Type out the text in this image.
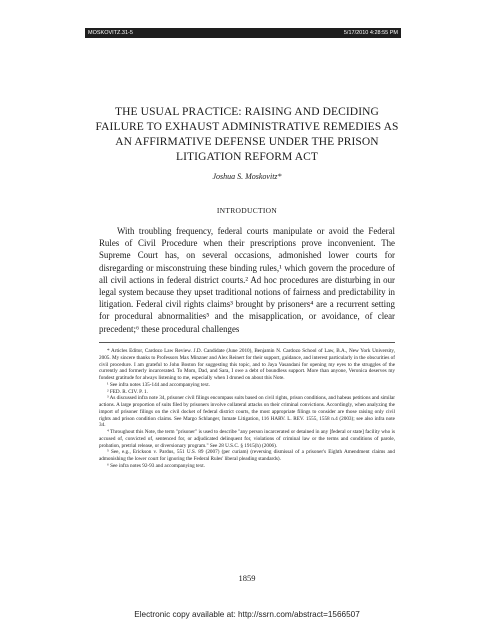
MOSKOVITZ.31-5	5/17/2010 4:28:55 PM
THE USUAL PRACTICE: RAISING AND DECIDING FAILURE TO EXHAUST ADMINISTRATIVE REMEDIES AS AN AFFIRMATIVE DEFENSE UNDER THE PRISON LITIGATION REFORM ACT
Joshua S. Moskovitz*
INTRODUCTION

With troubling frequency, federal courts manipulate or avoid the Federal Rules of Civil Procedure when their prescriptions prove inconvenient. The Supreme Court has, on several occasions, admonished lower courts for disregarding or misconstruing these binding rules,¹ which govern the procedure of all civil actions in federal district courts.² Ad hoc procedures are disturbing in our legal system because they upset traditional notions of fairness and predictability in litigation. Federal civil rights claims³ brought by prisoners⁴ are a recurrent setting for procedural abnormalities⁵ and the misapplication, or avoidance, of clear precedent;⁶ these procedural challenges

* Articles Editor, Cardozo Law Review. J.D. Candidate (June 2010), Benjamin N. Cardozo School of Law, B.A., New York University, 2005. My sincere thanks to Professors Max Minzner and Alex Reinert for their support, guidance, and interest particularly in the obscurities of civil procedure. I am grateful to John Boston for suggesting this topic, and to Jaya Vasandani for opening my eyes to the struggles of the currently and formerly incarcerated. To Mom, Dad, and Sara, I owe a debt of boundless support. More than anyone, Veronica deserves my fondest gratitude for always listening to me, especially when I droned on about this Note.

¹ See infra notes 135-144 and accompanying text.

² FED. R. CIV. P. 1.

³ As discussed infra note 34, prisoner civil filings encompass suits based on civil rights, prison conditions, and habeas petitions and similar actions. A large proportion of suits filed by prisoners involve collateral attacks on their criminal convictions. Accordingly, when analyzing the import of prisoner filings on the civil docket of federal district courts, the most appropriate filings to consider are those raising only civil rights and prison condition claims. See Margo Schlanger, Inmate Litigation, 116 HARV. L. REV. 1555, 1558 n.4 (2003); see also infra note 34.

⁴ Throughout this Note, the term "prisoner" is used to describe "any person incarcerated or detained in any [federal or state] facility who is accused of, convicted of, sentenced for, or adjudicated delinquent for, violations of criminal law or the terms and conditions of parole, probation, pretrial release, or diversionary program." See 28 U.S.C. § 1915(h) (2006).

⁵ See, e.g., Erickson v. Pardus, 551 U.S. 89 (2007) (per curiam) (reversing dismissal of a prisoner's Eighth Amendment claims and admonishing the lower court for ignoring the Federal Rules' liberal pleading standards).

⁶ See infra notes 92-93 and accompanying text.

1859
Electronic copy available at: http://ssrn.com/abstract=1566507
